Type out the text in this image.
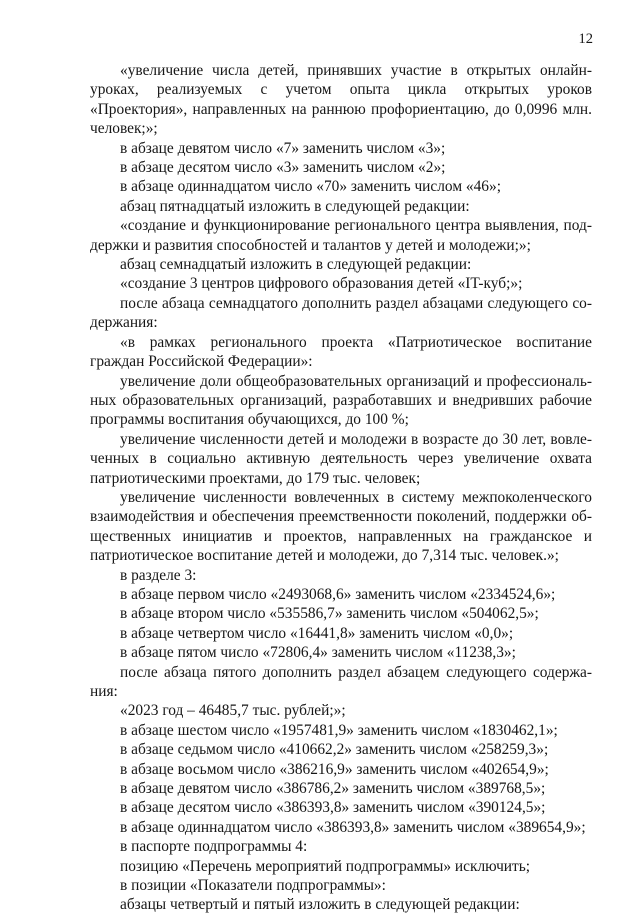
12

«увеличение числа детей, принявших участие в открытых онлайн-уроках, реализуемых с учетом опыта цикла открытых уроков «Проектория», направленных на раннюю профориентацию, до 0,0996 млн. человек;»;

в абзаце девятом число «7» заменить числом «3»;

в абзаце десятом число «3» заменить числом «2»;

в абзаце одиннадцатом число «70» заменить числом «46»;

абзац пятнадцатый изложить в следующей редакции:

«создание и функционирование регионального центра выявления, поддержки и развития способностей и талантов у детей и молодежи;»;

абзац семнадцатый изложить в следующей редакции:

«создание 3 центров цифрового образования детей «IT-куб;»;

после абзаца семнадцатого дополнить раздел абзацами следующего содержания:

«в рамках регионального проекта «Патриотическое воспитание граждан Российской Федерации»:

увеличение доли общеобразовательных организаций и профессиональных образовательных организаций, разработавших и внедривших рабочие программы воспитания обучающихся, до 100 %;

увеличение численности детей и молодежи в возрасте до 30 лет, вовлеченных в социально активную деятельность через увеличение охвата патриотическими проектами, до 179 тыс. человек;

увеличение численности вовлеченных в систему межпоколенческого взаимодействия и обеспечения преемственности поколений, поддержки общественных инициатив и проектов, направленных на гражданское и патриотическое воспитание детей и молодежи, до 7,314 тыс. человек.»;

в разделе 3:

в абзаце первом число «2493068,6» заменить числом «2334524,6»;

в абзаце втором число «535586,7» заменить числом «504062,5»;

в абзаце четвертом число «16441,8» заменить числом «0,0»;

в абзаце пятом число «72806,4» заменить числом «11238,3»;

после абзаца пятого дополнить раздел абзацем следующего содержания:

«2023 год – 46485,7 тыс. рублей;»;

в абзаце шестом число «1957481,9» заменить числом «1830462,1»;

в абзаце седьмом число «410662,2» заменить числом «258259,3»;

в абзаце восьмом число «386216,9» заменить числом «402654,9»;

в абзаце девятом число «386786,2» заменить числом «389768,5»;

в абзаце десятом число «386393,8» заменить числом «390124,5»;

в абзаце одиннадцатом число «386393,8» заменить числом «389654,9»;

в паспорте подпрограммы 4:

позицию «Перечень мероприятий подпрограммы» исключить;

в позиции «Показатели подпрограммы»:

абзацы четвертый и пятый изложить в следующей редакции:
